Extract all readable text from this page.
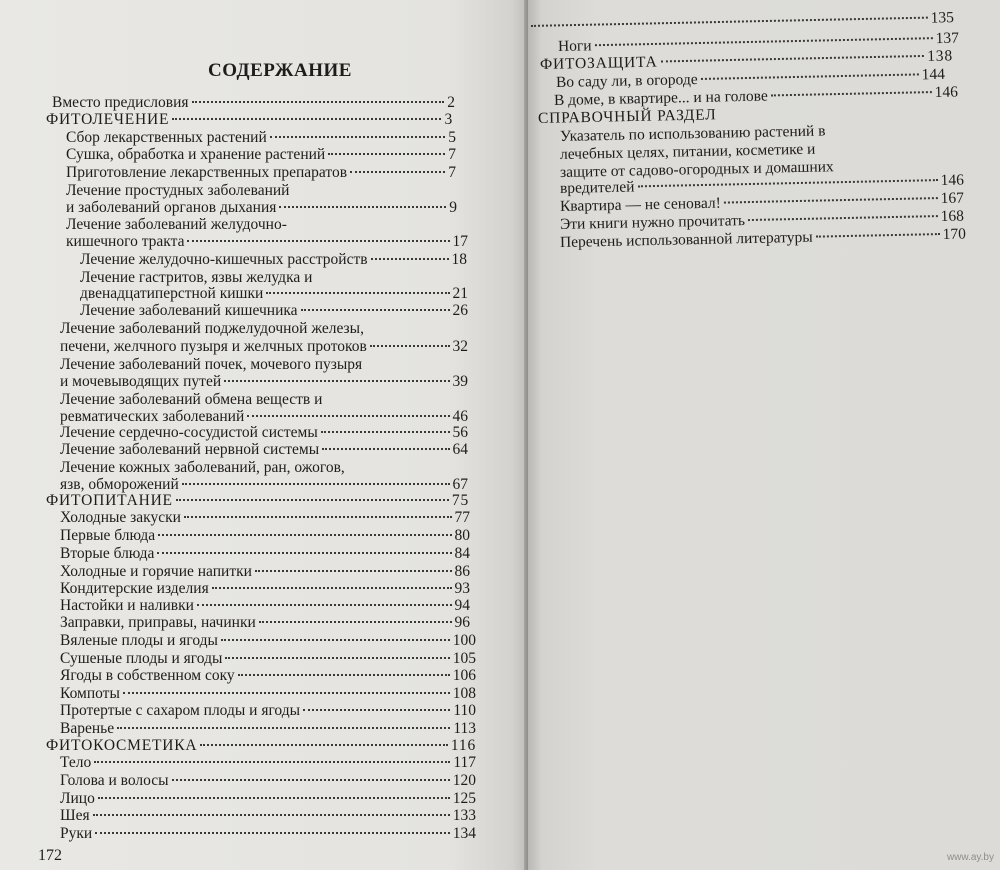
СОДЕРЖАНИЕ
Вместо предисловия	2
ФИТОЛЕЧЕНИЕ	3
Сбор лекарственных растений	5
Сушка, обработка и хранение растений	7
Приготовление лекарственных препаратов	7
Лечение простудных заболеваний
и заболеваний органов дыхания	9
Лечение заболеваний желудочно-
кишечного тракта	17
Лечение желудочно-кишечных расстройств	18
Лечение гастритов, язвы желудка и
двенадцатиперстной кишки	21
Лечение заболеваний кишечника	26
Лечение заболеваний поджелудочной железы,
печени, желчного пузыря и желчных протоков	32
Лечение заболеваний почек, мочевого пузыря
и мочевыводящих путей	39
Лечение заболеваний обмена веществ и
ревматических заболеваний	46
Лечение сердечно-сосудистой системы	56
Лечение заболеваний нервной системы	64
Лечение кожных заболеваний, ран, ожогов,
язв, обморожений	67
ФИТОПИТАНИЕ	75
Холодные закуски	77
Первые блюда	80
Вторые блюда	84
Холодные и горячие напитки	86
Кондитерские изделия	93
Настойки и наливки	94
Заправки, приправы, начинки	96
Вяленые плоды и ягоды	100
Сушеные плоды и ягоды	105
Ягоды в собственном соку	106
Компоты	108
Протертые с сахаром плоды и ягоды	110
Варенье	113
ФИТОКОСМЕТИКА	116
Тело	117
Голова и волосы	120
Лицо	125
Шея	133
Руки	134
172
135
Ноги	137
ФИТОЗАЩИТА	138
Во саду ли, в огороде	144
В доме, в квартире... и на голове	146
СПРАВОЧНЫЙ РАЗДЕЛ
Указатель по использованию растений в
лечебных целях, питании, косметике и
защите от садово-огородных и домашних
вредителей	146
Квартира — не сеновал!	167
Эти книги нужно прочитать	168
Перечень использованной литературы	170
www.ay.by
